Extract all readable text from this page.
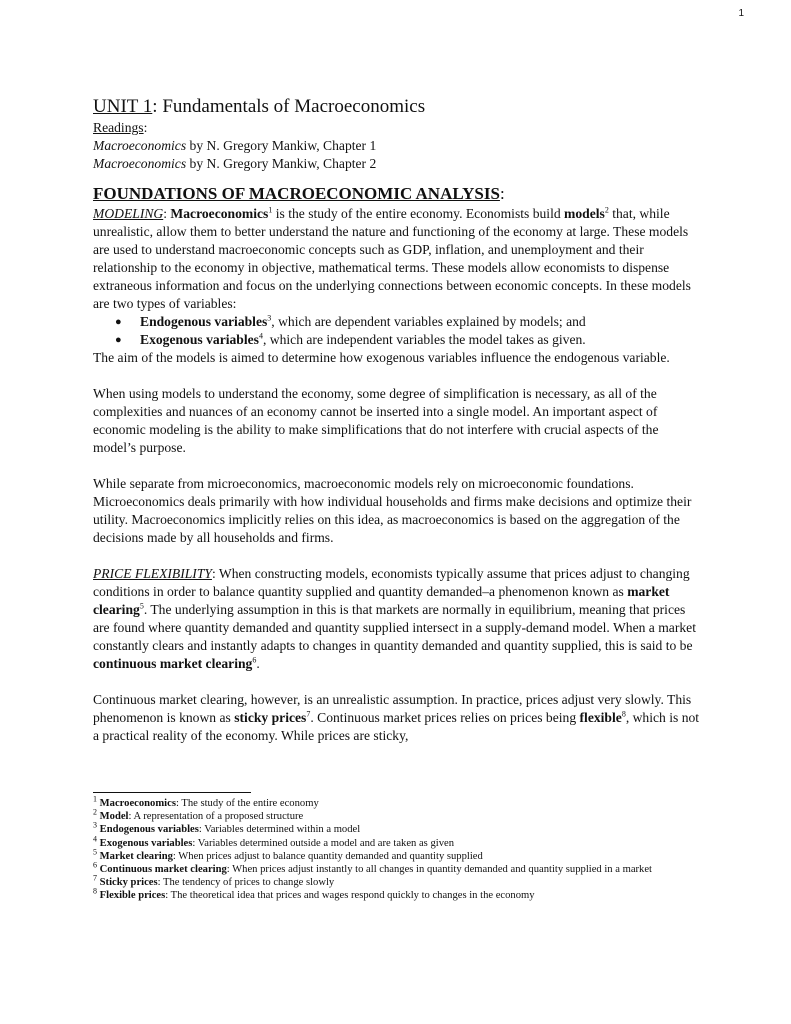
1
UNIT 1: Fundamentals of Macroeconomics
Readings:
Macroeconomics by N. Gregory Mankiw, Chapter 1
Macroeconomics by N. Gregory Mankiw, Chapter 2
FOUNDATIONS OF MACROECONOMIC ANALYSIS:

MODELING: Macroeconomics$^1$ is the study of the entire economy. Economists build models$^2$ that, while unrealistic, allow them to better understand the nature and functioning of the economy at large. These models are used to understand macroeconomic concepts such as GDP, inflation, and unemployment and their relationship to the economy in objective, mathematical terms. These models allow economists to dispense extraneous information and focus on the underlying connections between economic concepts. In these models are two types of variables:

● Endogenous variables$^3$, which are dependent variables explained by models; and
● Exogenous variables$^4$, which are independent variables the model takes as given.

The aim of the models is aimed to determine how exogenous variables influence the endogenous variable.

When using models to understand the economy, some degree of simplification is necessary, as all of the complexities and nuances of an economy cannot be inserted into a single model. An important aspect of economic modeling is the ability to make simplifications that do not interfere with crucial aspects of the model’s purpose.

While separate from microeconomics, macroeconomic models rely on microeconomic foundations. Microeconomics deals primarily with how individual households and firms make decisions and optimize their utility. Macroeconomics implicitly relies on this idea, as macroeconomics is based on the aggregation of the decisions made by all households and firms.

PRICE FLEXIBILITY: When constructing models, economists typically assume that prices adjust to changing conditions in order to balance quantity supplied and quantity demanded–a phenomenon known as market clearing$^5$. The underlying assumption in this is that markets are normally in equilibrium, meaning that prices are found where quantity demanded and quantity supplied intersect in a supply-demand model. When a market constantly clears and instantly adapts to changes in quantity demanded and quantity supplied, this is said to be continuous market clearing$^6$.

Continuous market clearing, however, is an unrealistic assumption. In practice, prices adjust very slowly. This phenomenon is known as sticky prices$^7$. Continuous market prices relies on prices being flexible$^8$, which is not a practical reality of the economy. While prices are sticky,

$^1$ Macroeconomics: The study of the entire economy
$^2$ Model: A representation of a proposed structure
$^3$ Endogenous variables: Variables determined within a model
$^4$ Exogenous variables: Variables determined outside a model and are taken as given
$^5$ Market clearing: When prices adjust to balance quantity demanded and quantity supplied
$^6$ Continuous market clearing: When prices adjust instantly to all changes in quantity demanded and quantity supplied in a market
$^7$ Sticky prices: The tendency of prices to change slowly
$^8$ Flexible prices: The theoretical idea that prices and wages respond quickly to changes in the economy
